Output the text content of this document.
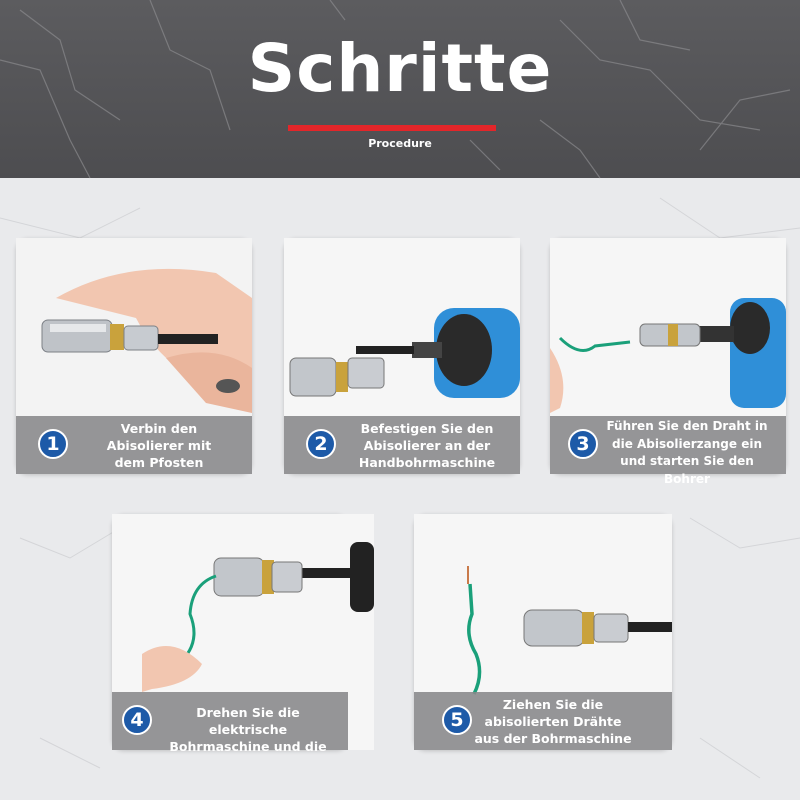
Schritte
Procedure
1
Verbin den
Abisolierer mit
dem Pfosten
2
Befestigen Sie den
Abisolierer an der
Handbohrmaschine
3
Führen Sie den Draht in
die Abisolierzange ein
und starten Sie den
Bohrer
4	Drehen Sie die elektrische
Bohrmaschine und die
5
Ziehen Sie die
abisolierten Drähte
aus der Bohrmaschine
